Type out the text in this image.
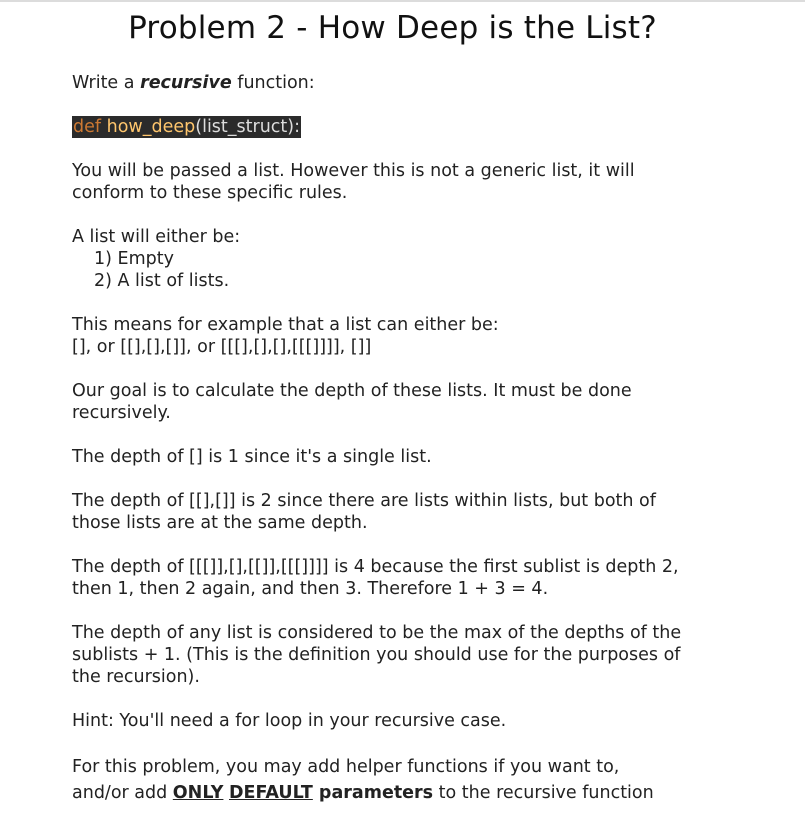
Problem 2 - How Deep is the List?

Write a recursive function:

def how_deep(list_struct):

You will be passed a list. However this is not a generic list, it will
conform to these specific rules.

A list will either be:

1) Empty

2) A list of lists.

This means for example that a list can either be:
[], or [[],[],[]], or [[[],[],[],[[[]]]], []]

Our goal is to calculate the depth of these lists. It must be done
recursively.

The depth of [] is 1 since it's a single list.

The depth of [[],[]] is 2 since there are lists within lists, but both of
those lists are at the same depth.

The depth of [[[]],[],[[]],[[[]]]] is 4 because the first sublist is depth 2,
then 1, then 2 again, and then 3. Therefore 1 + 3 = 4.

The depth of any list is considered to be the max of the depths of the
sublists + 1. (This is the definition you should use for the purposes of
the recursion).

Hint: You'll need a for loop in your recursive case.

For this problem, you may add helper functions if you want to,
and/or add ONLY DEFAULT parameters to the recursive function
